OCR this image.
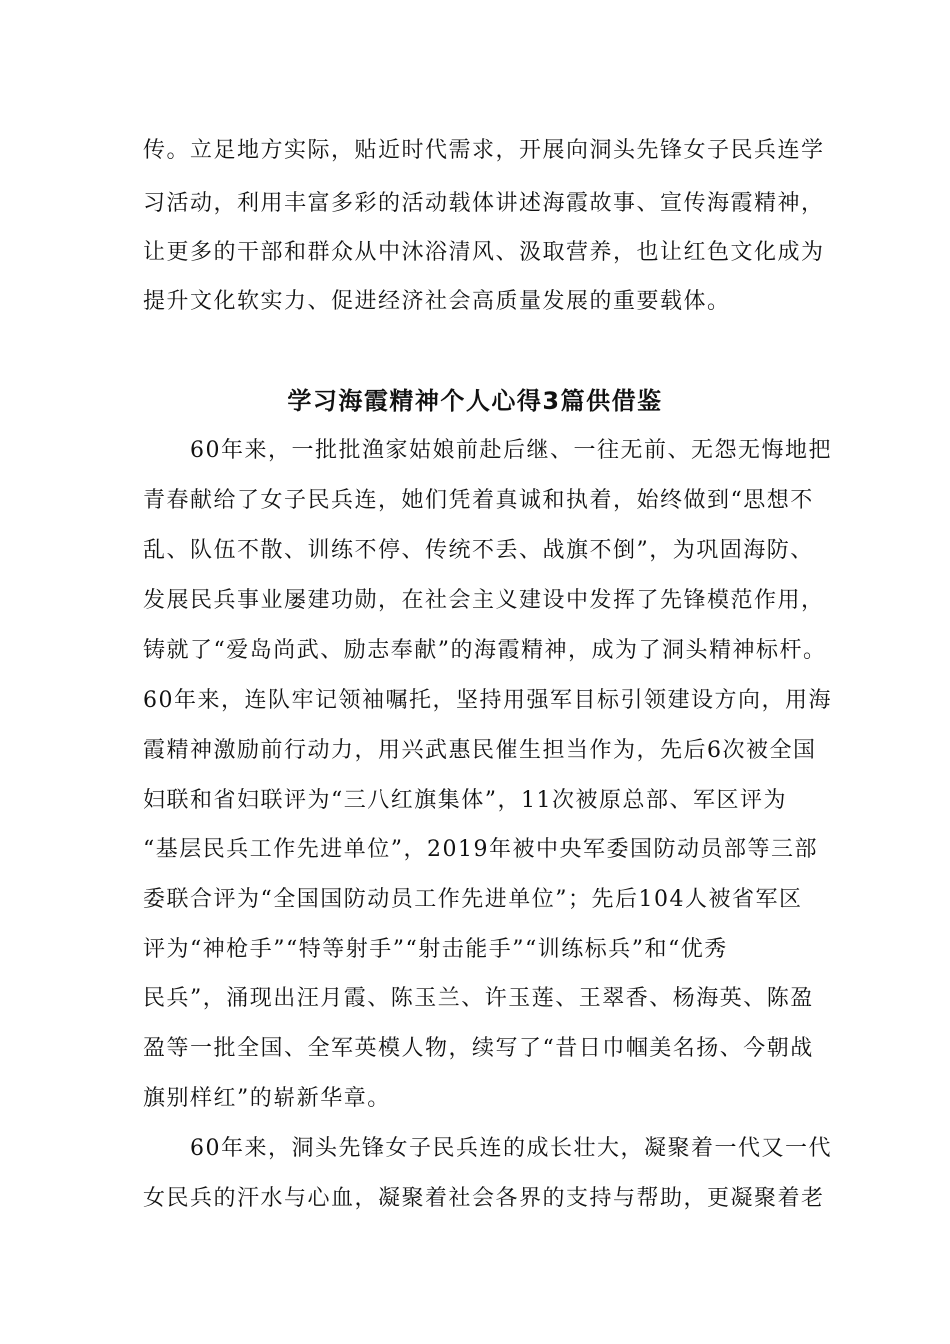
传。立足地方实际，贴近时代需求，开展向洞头先锋女子民兵连学
习活动，利用丰富多彩的活动载体讲述海霞故事、宣传海霞精神，
让更多的干部和群众从中沐浴清风、汲取营养，也让红色文化成为
提升文化软实力、促进经济社会高质量发展的重要载体。
学习海霞精神个人心得3篇供借鉴
　　60年来，一批批渔家姑娘前赴后继、一往无前、无怨无悔地把
青春献给了女子民兵连，她们凭着真诚和执着，始终做到“思想不
乱、队伍不散、训练不停、传统不丢、战旗不倒”，为巩固海防、
发展民兵事业屡建功勋，在社会主义建设中发挥了先锋模范作用，
铸就了“爱岛尚武、励志奉献”的海霞精神，成为了洞头精神标杆。
60年来，连队牢记领袖嘱托，坚持用强军目标引领建设方向，用海
霞精神激励前行动力，用兴武惠民催生担当作为，先后6次被全国
妇联和省妇联评为“三八红旗集体”，11次被原总部、军区评为
“基层民兵工作先进单位”，2019年被中央军委国防动员部等三部
委联合评为“全国国防动员工作先进单位”；先后104人被省军区
评为“神枪手”“特等射手”“射击能手”“训练标兵”和“优秀
民兵”，涌现出汪月霞、陈玉兰、许玉莲、王翠香、杨海英、陈盈
盈等一批全国、全军英模人物，续写了“昔日巾帼美名扬、今朝战
旗别样红”的崭新华章。
　　60年来，洞头先锋女子民兵连的成长壮大，凝聚着一代又一代
女民兵的汗水与心血，凝聚着社会各界的支持与帮助，更凝聚着老
